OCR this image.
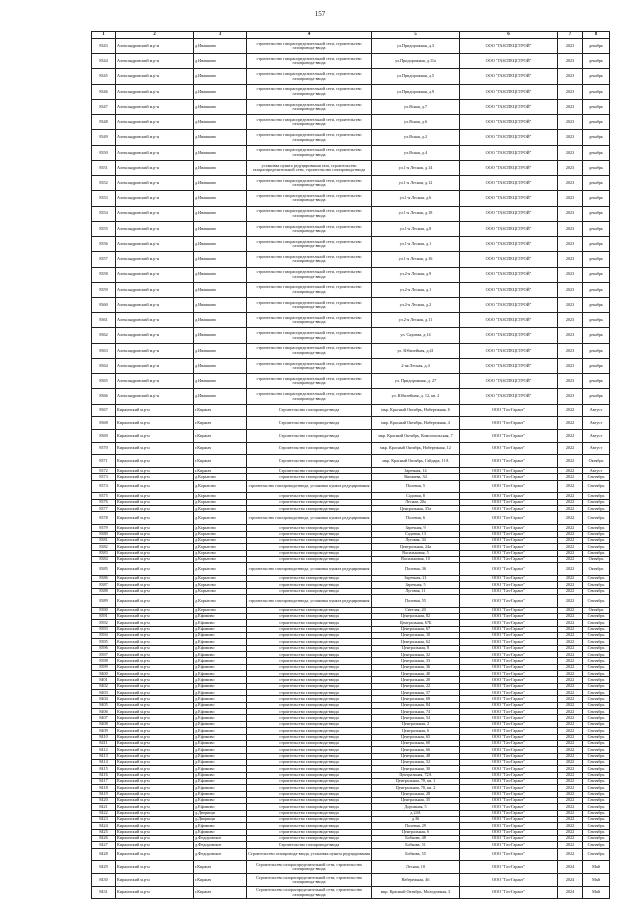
157
1	2	3	4	5	6	7	8
8343	Александровский м.р-н	д.Ивашково	строительство газораспределительной сети, строительство газопровода-ввода	ул.Придорожная, д.3	ООО "ГАЗСПЕЦСТРОЙ"	2023	декабрь
8344	Александровский м.р-н	д.Ивашково	строительство газораспределительной сети, строительство газопровода-ввода	ул.Придорожная, д.11а	ООО "ГАЗСПЕЦСТРОЙ"	2023	декабрь
8345	Александровский м.р-н	д.Ивашково	строительство газораспределительной сети, строительство газопровода-ввода	ул.Придорожная, д.5	ООО "ГАЗСПЕЦСТРОЙ"	2023	декабрь
8346	Александровский м.р-н	д.Ивашково	строительство газораспределительной сети, строительство газопровода-ввода	ул.Придорожная, д.9	ООО "ГАЗСПЕЦСТРОЙ"	2023	декабрь
8347	Александровский м.р-н	д.Ивашково	строительство газораспределительной сети, строительство газопровода-ввода	ул.Ясная, д.7	ООО "ГАЗСПЕЦСТРОЙ"	2023	декабрь
8348	Александровский м.р-н	д.Ивашково	строительство газораспределительной сети, строительство газопровода-ввода	ул.Ясная, д.6	ООО "ГАЗСПЕЦСТРОЙ"	2023	декабрь
8349	Александровский м.р-н	д.Ивашково	строительство газораспределительной сети, строительство газопровода-ввода	ул.Ясная, д.2	ООО "ГАЗСПЕЦСТРОЙ"	2023	декабрь
8350	Александровский м.р-н	д.Ивашково	строительство газораспределительной сети, строительство газопровода-ввода	ул.Ясная, д.4	ООО "ГАЗСПЕЦСТРОЙ"	2023	декабрь
8351	Александровский м.р-н	д.Ивашково	установка пункта редуцирования газа, строительство газораспределительной сети, строительство газопровода-ввода	ул.1-я Лесная, д.14	ООО "ГАЗСПЕЦСТРОЙ"	2023	декабрь
8352	Александровский м.р-н	д.Ивашково	строительство газораспределительной сети, строительство газопровода-ввода	ул.1-я Лесная, д.12	ООО "ГАЗСПЕЦСТРОЙ"	2023	декабрь
8353	Александровский м.р-н	д.Ивашково	строительство газораспределительной сети, строительство газопровода-ввода	ул.1-я Лесная, д.6	ООО "ГАЗСПЕЦСТРОЙ"	2023	декабрь
8354	Александровский м.р-н	д.Ивашково	строительство газораспределительной сети, строительство газопровода-ввода	ул.1-я Лесная, д.18	ООО "ГАЗСПЕЦСТРОЙ"	2023	декабрь
8355	Александровский м.р-н	д.Ивашково	строительство газораспределительной сети, строительство газопровода-ввода	ул.1-я Лесная, д.8	ООО "ГАЗСПЕЦСТРОЙ"	2023	декабрь
8356	Александровский м.р-н	д.Ивашково	строительство газораспределительной сети, строительство газопровода-ввода	ул.1-я Лесная, д.1	ООО "ГАЗСПЕЦСТРОЙ"	2023	декабрь
8357	Александровский м.р-н	д.Ивашково	строительство газораспределительной сети, строительство газопровода-ввода	ул.1-я Лесная, д.16	ООО "ГАЗСПЕЦСТРОЙ"	2023	декабрь
8358	Александровский м.р-н	д.Ивашково	строительство газораспределительной сети, строительство газопровода-ввода	ул.2-я Лесная, д.9	ООО "ГАЗСПЕЦСТРОЙ"	2023	декабрь
8359	Александровский м.р-н	д.Ивашково	строительство газораспределительной сети, строительство газопровода-ввода	ул.2-я Лесная, д.1	ООО "ГАЗСПЕЦСТРОЙ"	2023	декабрь
8360	Александровский м.р-н	д.Ивашково	строительство газораспределительной сети, строительство газопровода-ввода	ул.2-я Лесная, д.2	ООО "ГАЗСПЕЦСТРОЙ"	2023	декабрь
8361	Александровский м.р-н	д.Ивашково	строительство газораспределительной сети, строительство газопровода-ввода	ул.2-я Лесная, д.11	ООО "ГАЗСПЕЦСТРОЙ"	2023	декабрь
8362	Александровский м.р-н	д.Ивашково	строительство газораспределительной сети, строительство газопровода-ввода	ул. Садовая, д.14	ООО "ГАЗСПЕЦСТРОЙ"	2023	декабрь
8363	Александровский м.р-н	д.Ивашково	строительство газораспределительной сети, строительство газопровода-ввода	ул. Юбилейная, д.41	ООО "ГАЗСПЕЦСТРОЙ"	2023	декабрь
8364	Александровский м.р-н	д.Ивашково	строительство газораспределительной сети, строительство газопровода-ввода	2-ая Лесная, д.4	ООО "ГАЗСПЕЦСТРОЙ"	2023	декабрь
8365	Александровский м.р-н	д.Ивашково	строительство газораспределительной сети, строительство газопровода-ввода	ул. Придорожная, д. 27	ООО "ГАЗСПЕЦСТРОЙ"	2023	декабрь
8366	Александровский м.р-н	д.Ивашково	строительство газораспределительной сети, строительство газопровода-ввода	ул. Юбилейная, д. 12, кв. 2	ООО "ГАЗСПЕЦСТРОЙ"	2023	декабрь
8367	Киржачский м.р-н	г.Киржач	Строительство газопровода-ввода	мкр. Красный Октябрь, Набережная, 6	ООО "Газ-Гарант"	2022	Август
8368	Киржачский м.р-н	г.Киржач	Строительство газопровода-ввода	мкр. Красный Октябрь, Набережная, 4	ООО "Газ-Гарант"	2022	Август
8369	Киржачский м.р-н	г.Киржач	Строительство газопровода-ввода	мкр. Красный Октябрь, Комсомольская, 7	ООО "Газ-Гарант"	2022	Август
8370	Киржачский м.р-н	г.Киржач	Строительство газопровода-ввода	мкр. Красный Октябрь, Набережная, 12	ООО "Газ-Гарант"	2022	Август
8371	Киржачский м.р-н	г.Киржач	Строительство газопровода-ввода	мкр. Красный Октябрь, Гайдара, 11А	ООО "Газ-Гарант"	2022	Октябрь
8372	Киржачский м.р-н	г.Киржач	Строительство газопровода-ввода	Заречная, 14	ООО "Газ-Гарант"	2022	Август
8373	Киржачский м.р-н	д.Корытово	строительство газопровода-ввода	Вишнева, 34	ООО "Газ-Гарант"	2022	Сентябрь
8374	Киржачский м.р-н	д.Корытово	строительство газопровода-ввода, установка пункта редуцирования	Полевая, 5	ООО "Газ-Гарант"	2022	Сентябрь
8375	Киржачский м.р-н	д.Корытово	строительство газопровода-ввода	Садовая, 8	ООО "Газ-Гарант"	2022	Сентябрь
8376	Киржачский м.р-н	д.Корытово	строительство газопровода-ввода	Лесная, 20а	ООО "Газ-Гарант"	2022	Сентябрь
8377	Киржачский м.р-н	д.Корытово	строительство газопровода-ввода	Центральная, 35а	ООО "Газ-Гарант"	2022	Сентябрь
8378	Киржачский м.р-н	д.Корытово	строительство газопровода-ввода, установка пункта редуцирования	Полевая, 6	ООО "Газ-Гарант"	2022	Сентябрь
8379	Киржачский м.р-н	д.Корытово	строительство газопровода-ввода	Заречная, 9	ООО "Газ-Гарант"	2022	Сентябрь
8380	Киржачский м.р-н	д.Корытово	строительство газопровода-ввода	Садовая, 13	ООО "Газ-Гарант"	2022	Сентябрь
8381	Киржачский м.р-н	д.Корытово	строительство газопровода-ввода	Луговая, 34	ООО "Газ-Гарант"	2022	Сентябрь
8382	Киржачский м.р-н	д.Корытово	строительство газопровода-ввода	Центральная, 24а	ООО "Газ-Гарант"	2022	Сентябрь
8383	Киржачский м.р-н	д.Корытово	строительство газопровода-ввода	Васильковая, 5	ООО "Газ-Гарант"	2022	Сентябрь
8384	Киржачский м.р-н	д.Корытово	строительство газопровода-ввода	Васильковая, 10	ООО "Газ-Гарант"	2022	Октябрь
8385	Киржачский м.р-н	д.Корытово	строительство газопровода-ввода, установка пункта редуцирования	Полевая, 36	ООО "Газ-Гарант"	2022	Октябрь
8386	Киржачский м.р-н	д.Корытово	строительство газопровода-ввода	Заречная, 21	ООО "Газ-Гарант"	2022	Сентябрь
8387	Киржачский м.р-н	д.Корытово	строительство газопровода-ввода	Заречная, 5	ООО "Газ-Гарант"	2022	Сентябрь
8388	Киржачский м.р-н	д.Корытово	строительство газопровода-ввода	Луговая, 11	ООО "Газ-Гарант"	2022	Сентябрь
8389	Киржачский м.р-н	д.Корытово	строительство газопровода-ввода, установка пункта редуцирования	Полевая, 55	ООО "Газ-Гарант"	2022	Сентябрь
8390	Киржачский м.р-н	д.Корытово	строительство газопровода-ввода	Светлая, 20	ООО "Газ-Гарант"	2022	Октябрь
8391	Киржачский м.р-н	д.Ефимово	строительство газопровода-ввода	Центральная, 82	ООО "Газ-Гарант"	2022	Сентябрь
8392	Киржачский м.р-н	д.Ефимово	строительство газопровода-ввода	Центральная, 67Б	ООО "Газ-Гарант"	2022	Сентябрь
8393	Киржачский м.р-н	д.Ефимово	строительство газопровода-ввода	Центральная, 67	ООО "Газ-Гарант"	2022	Сентябрь
8394	Киржачский м.р-н	д.Ефимово	строительство газопровода-ввода	Центральная, 10	ООО "Газ-Гарант"	2022	Сентябрь
8395	Киржачский м.р-н	д.Ефимово	строительство газопровода-ввода	Центральная, 62	ООО "Газ-Гарант"	2022	Сентябрь
8396	Киржачский м.р-н	д.Ефимово	строительство газопровода-ввода	Центральная, 8	ООО "Газ-Гарант"	2022	Сентябрь
8397	Киржачский м.р-н	д.Ефимово	строительство газопровода-ввода	Центральная, 32	ООО "Газ-Гарант"	2022	Сентябрь
8398	Киржачский м.р-н	д.Ефимово	строительство газопровода-ввода	Центральная, 33	ООО "Газ-Гарант"	2022	Сентябрь
8399	Киржачский м.р-н	д.Ефимово	строительство газопровода-ввода	Центральная, 36	ООО "Газ-Гарант"	2022	Сентябрь
8400	Киржачский м.р-н	д.Ефимово	строительство газопровода-ввода	Центральная, 40	ООО "Газ-Гарант"	2022	Сентябрь
8401	Киржачский м.р-н	д.Ефимово	строительство газопровода-ввода	Центральная, 20	ООО "Газ-Гарант"	2022	Сентябрь
8402	Киржачский м.р-н	д.Ефимово	строительство газопровода-ввода	Центральная, 22	ООО "Газ-Гарант"	2022	Сентябрь
8403	Киржачский м.р-н	д.Ефимово	строительство газопровода-ввода	Центральная, 57	ООО "Газ-Гарант"	2022	Сентябрь
8404	Киржачский м.р-н	д.Ефимово	строительство газопровода-ввода	Центральная, 68	ООО "Газ-Гарант"	2022	Сентябрь
8405	Киржачский м.р-н	д.Ефимово	строительство газопровода-ввода	Центральная, 84	ООО "Газ-Гарант"	2022	Сентябрь
8406	Киржачский м.р-н	д.Ефимово	строительство газопровода-ввода	Центральная, 74	ООО "Газ-Гарант"	2022	Сентябрь
8407	Киржачский м.р-н	д.Ефимово	строительство газопровода-ввода	Центральная, 54	ООО "Газ-Гарант"	2022	Сентябрь
8408	Киржачский м.р-н	д.Ефимово	строительство газопровода-ввода	Центральная, 2	ООО "Газ-Гарант"	2022	Сентябрь
8409	Киржачский м.р-н	д.Ефимово	строительство газопровода-ввода	Центральная, 6	ООО "Газ-Гарант"	2022	Сентябрь
8410	Киржачский м.р-н	д.Ефимово	строительство газопровода-ввода	Центральная, 65	ООО "Газ-Гарант"	2022	Сентябрь
8411	Киржачский м.р-н	д.Ефимово	строительство газопровода-ввода	Центральная, 60	ООО "Газ-Гарант"	2022	Сентябрь
8412	Киржачский м.р-н	д.Ефимово	строительство газопровода-ввода	Центральная, 66	ООО "Газ-Гарант"	2022	Сентябрь
8413	Киржачский м.р-н	д.Ефимово	строительство газопровода-ввода	Центральная, 48	ООО "Газ-Гарант"	2022	Сентябрь
8414	Киржачский м.р-н	д.Ефимово	строительство газопровода-ввода	Центральная, 52	ООО "Газ-Гарант"	2022	Сентябрь
8415	Киржачский м.р-н	д.Ефимово	строительство газопровода-ввода	Центральная, 30	ООО "Газ-Гарант"	2022	Сентябрь
8416	Киржачский м.р-н	д.Ефимово	строительство газопровода-ввода	Центральная, 72А	ООО "Газ-Гарант"	2022	Сентябрь
8417	Киржачский м.р-н	д.Ефимово	строительство газопровода-ввода	Центральная, 70, кв. 1	ООО "Газ-Гарант"	2022	Сентябрь
8418	Киржачский м.р-н	д.Ефимово	строительство газопровода-ввода	Центральная, 70, кв. 2	ООО "Газ-Гарант"	2022	Сентябрь
8419	Киржачский м.р-н	д.Ефимово	строительство газопровода-ввода	Центральная, 28	ООО "Газ-Гарант"	2022	Сентябрь
8420	Киржачский м.р-н	д.Ефимово	строительство газопровода-ввода	Центральная, 35	ООО "Газ-Гарант"	2022	Сентябрь
8421	Киржачский м.р-н	д.Ефимово	строительство газопровода-ввода	Дорожная, 5	ООО "Газ-Гарант"	2022	Сентябрь
8422	Киржачский м.р-н	д.Дворищи	строительство газопровода-ввода	д.24А	ООО "Газ-Гарант"	2022	Сентябрь
8423	Киржачский м.р-н	д.Дворищи	строительство газопровода-ввода	д.36	ООО "Газ-Гарант"	2022	Сентябрь
8424	Киржачский м.р-н	д.Ефимово	строительство газопровода-ввода	Полевая, 29	ООО "Газ-Гарант"	2022	Сентябрь
8425	Киржачский м.р-н	д.Ефимово	строительство газопровода-ввода	Центральная, 6	ООО "Газ-Гарант"	2022	Сентябрь
8426	Киржачский м.р-н	д.Федоровское	строительство газопровода-ввода	Бобкова, 48	ООО "Газ-Гарант"	2022	Сентябрь
8427	Киржачский м.р-н	д.Федоровское	Строительство газопровода-ввода	Бобкова, 51	ООО "Газ-Гарант"	2022	Сентябрь
8428	Киржачский м.р-н	д.Федоровское	Строительство газопровода-ввода, установка пункта редуцирования	Бобкова, 55	ООО "Газ-Гарант"	2022	Сентябрь
8429	Киржачский м.р-н	г.Киржач	Строительство газораспределительной сети, строительство газопровода-ввода	Лесная, 10	ООО "Газ-Гарант"	2024	Май
8430	Киржачский м.р-н	г.Киржач	Строительство газораспределительной сети, строительство газопровода-ввода	Набережная, 46	ООО "Газ-Гарант"	2024	Май
8431	Киржачский м.р-н	г.Киржач	Строительство газораспределительной сети, строительство газопровода-ввода	мкр. Красный Октябрь, Молодежная, 3	ООО "Газ-Гарант"	2024	Май
